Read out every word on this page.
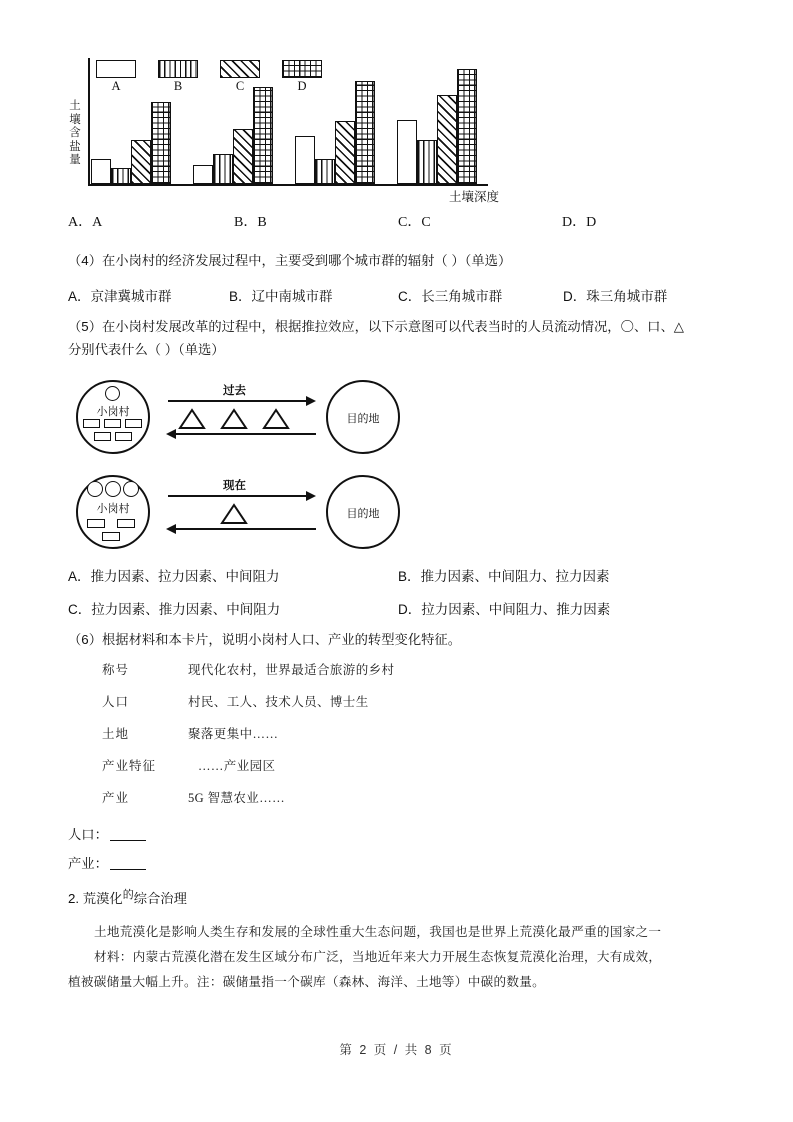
土
壤
含
盐
量
土壤深度
A	B	C	D
A．A	B．B	C．C	D．D
（4）在小岗村的经济发展过程中，主要受到哪个城市群的辐射（ ）（单选）
A．京津冀城市群	B．辽中南城市群	C．长三角城市群	D．珠三角城市群
（5）在小岗村发展改革的过程中，根据推拉效应，以下示意图可以代表当时的人员流动情况，〇、口、△
分别代表什么（ ）（单选）
小岗村
过去
目的地
小岗村
现在
目的地
A．推力因素、拉力因素、中间阻力	B．推力因素、中间阻力、拉力因素
C．拉力因素、推力因素、中间阻力	D．拉力因素、中间阻力、推力因素
（6）根据材料和本卡片，说明小岗村人口、产业的转型变化特征。
称号	现代化农村，世界最适合旅游的乡村
人口	村民、工人、技术人员、博士生
土地	聚落更集中……
产业特征	……产业园区
产业	5G 智慧农业……
人口：
产业：
2. 荒漠化$^的$综合治理
土地荒漠化是影响人类生存和发展的全球性重大生态问题，我国也是世界上荒漠化最严重的国家之一
材料：内蒙古荒漠化潜在发生区域分布广泛，当地近年来大力开展生态恢复荒漠化治理，大有成效，
植被碳储量大幅上升。注：碳储量指一个碳库（森林、海洋、土地等）中碳的数量。
第 2 页 / 共 8 页
